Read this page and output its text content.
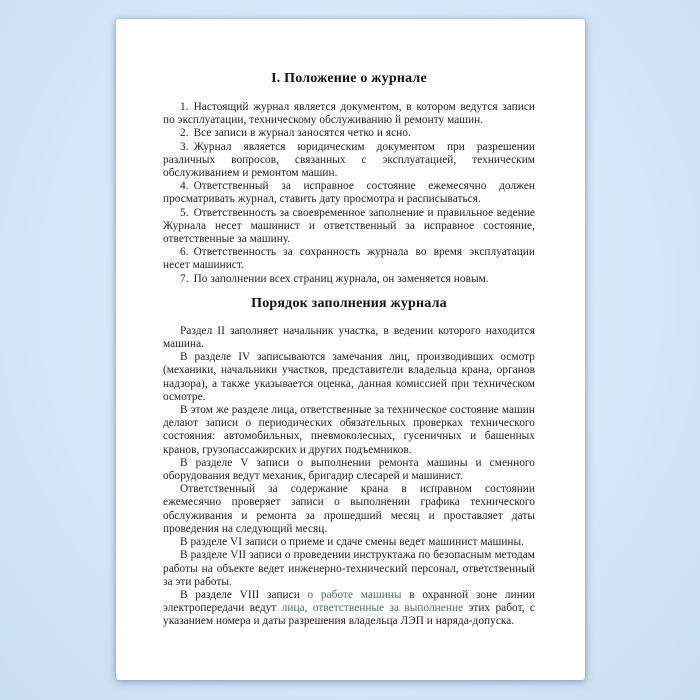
I. Положение о журнале

1. Настоящий журнал является документом, в котором ведутся записи по эксплуатации, техническому обслуживанию й ремонту машин.

2. Все записи в журнал заносятся четко и ясно.

3. Журнал является юридическим документом при разрешении различных вопросов, связанных с эксплуатацией, техническим обслуживанием и ремонтом машин.

4. Ответственный за исправное состояние ежемесячно должен просматривать журнал, ставить дату просмотра и расписываться.

5. Ответственность за своевременное заполнение и правильное ведение Журнала несет машинист и ответственный за исправное состояние, ответственные за машину.

6. Ответственность за сохранность журнала во время эксплуатации несет машинист.

7. По заполнении всех страниц журнала, он заменяется новым.

Порядок заполнения журнала

Раздел II заполняет начальник участка, в ведении которого находится машина.

В разделе IV записываются замечания лиц, производивших осмотр (механики, начальники участков, представители владельца крана, органов надзора), а также указывается оценка, данная комиссией при техническом осмотре.

В этом же разделе лица, ответственные за техническое состояние машин делают записи о периодических обязательных проверках технического состояния: автомобильных, пневмоколесных, гусеничных и башенных кранов, грузопассажирских и других подъемников.

В разделе V записи о выполнении ремонта машины и сменного оборудования ведут механик, бригадир слесарей и машинист.

Ответственный за содержание крана в исправном состоянии ежемесячно проверяет записи о выполнении графика технического обслуживания и ремонта за прошедший месяц и проставляет даты проведения на следующий месяц.

В разделе VI записи о приеме и сдаче смены ведет машинист машины.

В разделе VII записи о проведении инструктажа по безопасным методам работы на объекте ведет инженерно-технический персонал, ответственный за эти работы.

В разделе VIII записи о работе машины в охранной зоне линии электропередачи ведут лица, ответственные за выполнение этих работ, с указанием номера и даты разрешения владельца ЛЭП и наряда-допуска.
